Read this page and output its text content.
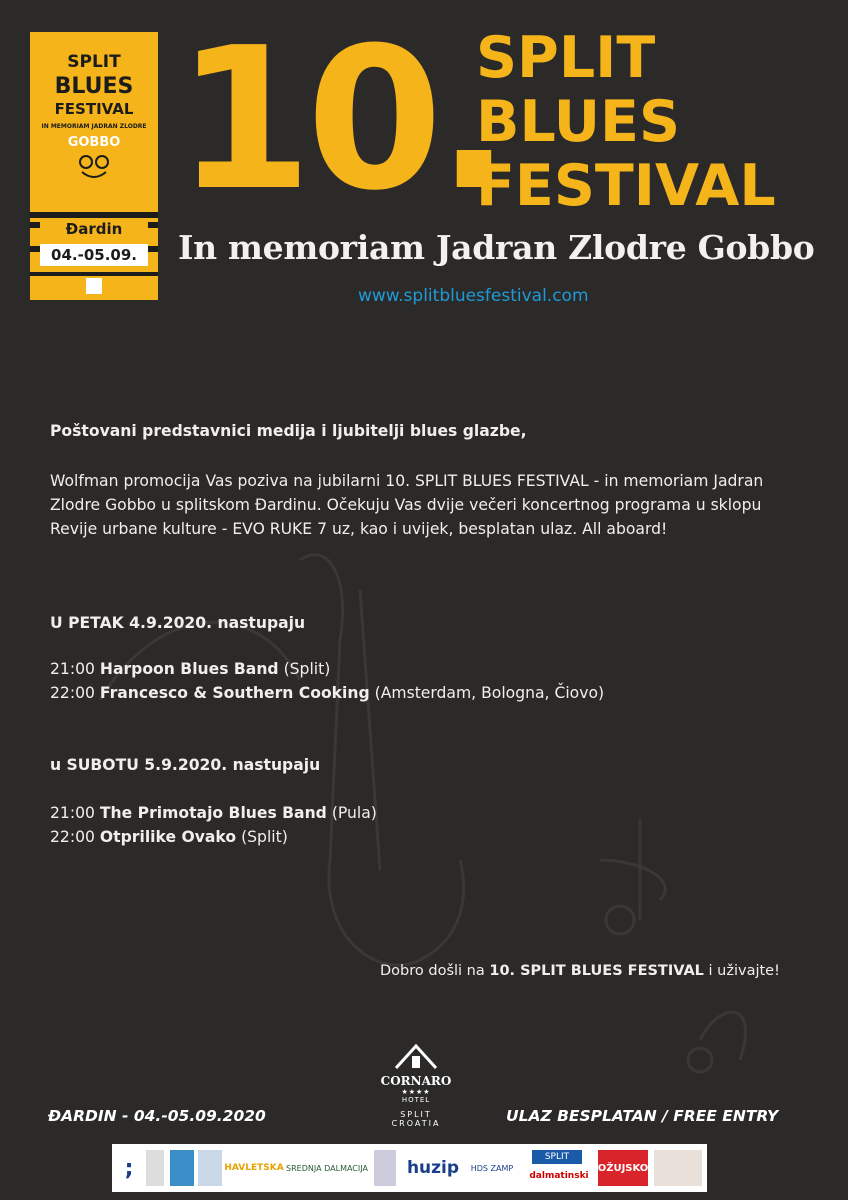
SPLIT
BLUES
FESTIVAL
IN MEMORIAM JADRAN ZLODRE
GOBBO
Đardin
04.-05.09.
10.
SPLIT
BLUES
FESTIVAL
In memoriam Jadran Zlodre Gobbo
www.splitbluesfestival.com
Poštovani predstavnici medija i ljubitelji blues glazbe,
Wolfman promocija Vas poziva na jubilarni 10. SPLIT BLUES FESTIVAL - in memoriam Jadran
Zlodre Gobbo u splitskom Đardinu. Očekuju Vas dvije večeri koncertnog programa u sklopu
Revije urbane kulture - EVO RUKE 7 uz, kao i uvijek, besplatan ulaz. All aboard!
U PETAK 4.9.2020. nastupaju
21:00 Harpoon Blues Band (Split)
22:00 Francesco & Southern Cooking (Amsterdam, Bologna, Čiovo)
u SUBOTU 5.9.2020. nastupaju
21:00 The Primotajo Blues Band (Pula)
22:00 Otprilike Ovako (Split)
Dobro došli na 10. SPLIT BLUES FESTIVAL i uživajte!
CORNARO
★★★★
HOTEL
SPLIT
CROATIA
ĐARDIN - 04.-05.09.2020	ULAZ BESPLATAN / FREE ENTRY
;	HAVLETSKA SREDNJA DALMACIJA	huzip	HDS ZAMP
SPLIT
dalmatinski
OŽUJSKO
